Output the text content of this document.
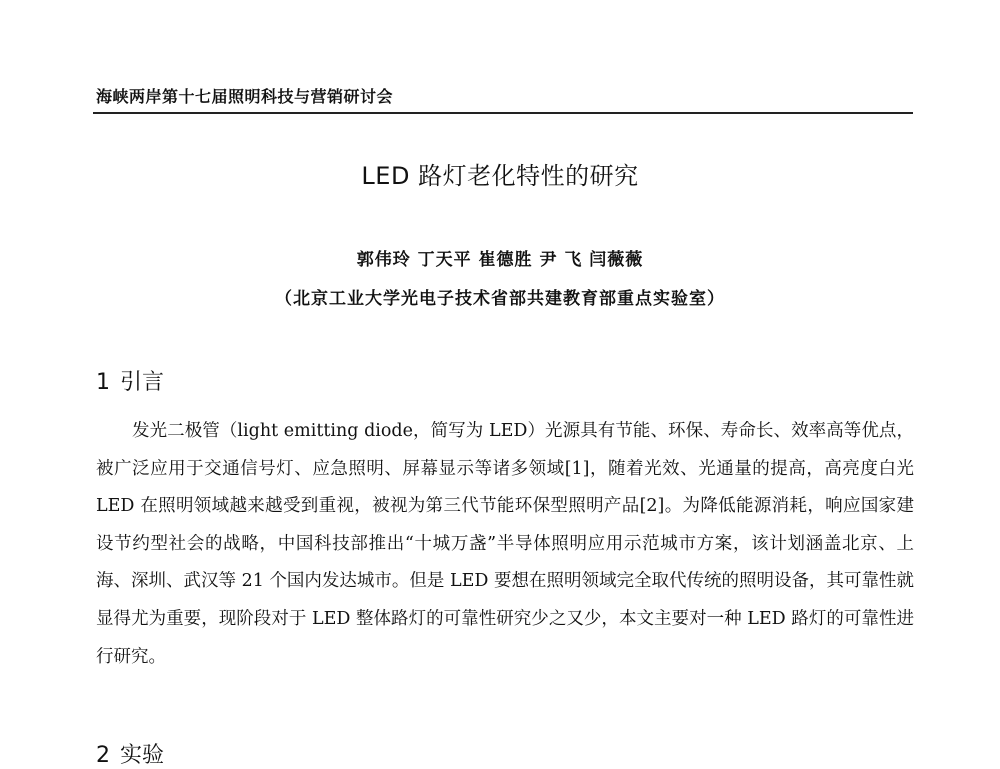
海峡两岸第十七届照明科技与营销研讨会
LED 路灯老化特性的研究
郭伟玲 丁天平 崔德胜 尹 飞 闫薇薇
（北京工业大学光电子技术省部共建教育部重点实验室）
1 引言

发光二极管（light emitting diode，简写为 LED）光源具有节能、环保、寿命长、效率高等优点，被广泛应用于交通信号灯、应急照明、屏幕显示等诸多领域[1]，随着光效、光通量的提高，高亮度白光 LED 在照明领域越来越受到重视，被视为第三代节能环保型照明产品[2]。为降低能源消耗，响应国家建设节约型社会的战略，中国科技部推出“十城万盏”半导体照明应用示范城市方案，该计划涵盖北京、上海、深圳、武汉等 21 个国内发达城市。但是 LED 要想在照明领域完全取代传统的照明设备，其可靠性就显得尤为重要，现阶段对于 LED 整体路灯的可靠性研究少之又少，本文主要对一种 LED 路灯的可靠性进行研究。

2 实验
